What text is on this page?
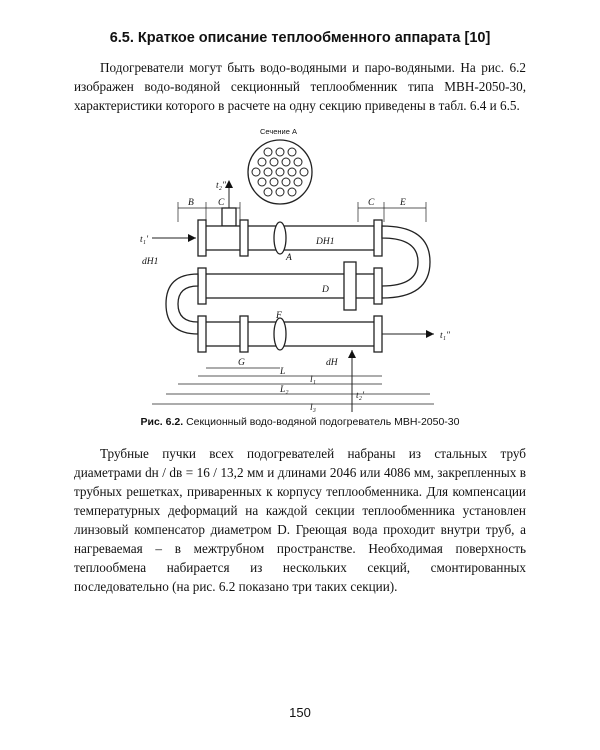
6.5. Краткое описание теплообменного аппарата [10]

Подогреватели могут быть водо-водяными и паро-водяными. На рис. 6.2 изображен водо-водяной секционный теплообменник типа МВН-2050-30, характеристики которого в расчете на одну секцию приведены в табл. 6.4 и 6.5.

Сечение А
B	C	C	E
t₂″
t₁′
dH1
DH1
A
D
F
t₁″
G	dH
L
l₁
L₂
l₃
t₂′
Рис. 6.2. Секционный водо-водяной подогреватель МВН-2050-30

Трубные пучки всех подогревателей набраны из стальных труб диаметрами dн / dв = 16 / 13,2 мм и длинами 2046 или 4086 мм, закрепленных в трубных решетках, приваренных к корпусу теплообменника. Для компенсации температурных деформаций на каждой секции теплообменника установлен линзовый компенсатор диаметром D. Греющая вода проходит внутри труб, а нагреваемая – в межтрубном пространстве. Необходимая поверхность теплообмена набирается из нескольких секций, смонтированных последовательно (на рис. 6.2 показано три таких секции).

150
